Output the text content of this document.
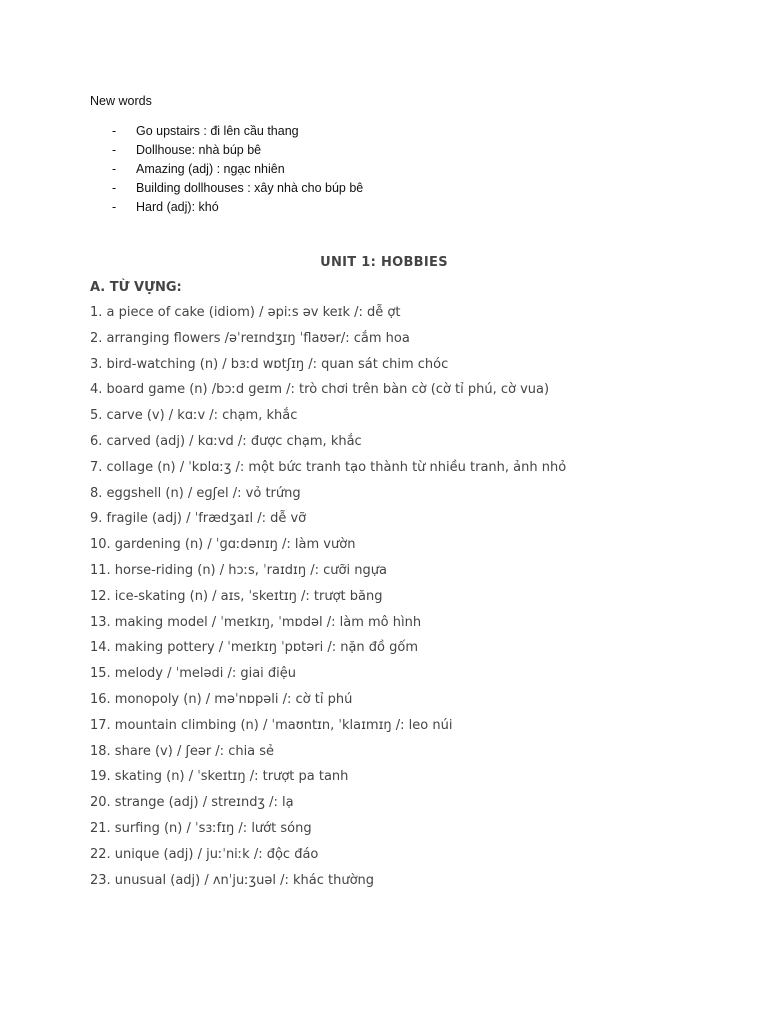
New words
- Go upstairs : đi lên cầu thang
- Dollhouse: nhà búp bê
- Amazing (adj) : ngạc nhiên
- Building dollhouses : xây nhà cho búp bê
- Hard (adj): khó
UNIT 1: HOBBIES
A. TỪ VỰNG:
1. a piece of cake (idiom) / əpiːs əv keɪk /: dễ ợt
2. arranging flowers /əˈreɪndʒɪŋ ˈflaʊər/: cắm hoa
3. bird-watching (n) / bɜːd wɒtʃɪŋ /: quan sát chim chóc
4. board game (n) /bɔːd ɡeɪm /: trò chơi trên bàn cờ (cờ tỉ phú, cờ vua)
5. carve (v) / kɑːv /: chạm, khắc
6. carved (adj) / kɑːvd /: được chạm, khắc
7. collage (n) / ˈkɒlɑːʒ /: một bức tranh tạo thành từ nhiều tranh, ảnh nhỏ
8. eggshell (n) / eɡʃel /: vỏ trứng
9. fragile (adj) / ˈfrædʒaɪl /: dễ vỡ
10. gardening (n) / ˈɡɑːdənɪŋ /: làm vườn
11. horse-riding (n) / hɔːs, ˈraɪdɪŋ /: cưỡi ngựa
12. ice-skating (n) / aɪs, ˈskeɪtɪŋ /: trượt băng
13. making model / ˈmeɪkɪŋ, ˈmɒdəl /: làm mô hình
14. making pottery / ˈmeɪkɪŋ ˈpɒtəri /: nặn đồ gốm
15. melody / ˈmelədi /: giai điệu
16. monopoly (n) / məˈnɒpəli /: cờ tỉ phú
17. mountain climbing (n) / ˈmaʊntɪn, ˈklaɪmɪŋ /: leo núi
18. share (v) / ʃeər /: chia sẻ
19. skating (n) / ˈskeɪtɪŋ /: trượt pa tanh
20. strange (adj) / streɪndʒ /: lạ
21. surfing (n) / ˈsɜːfɪŋ /: lướt sóng
22. unique (adj) / juːˈniːk /: độc đáo
23. unusual (adj) / ʌnˈjuːʒuəl /: khác thường
